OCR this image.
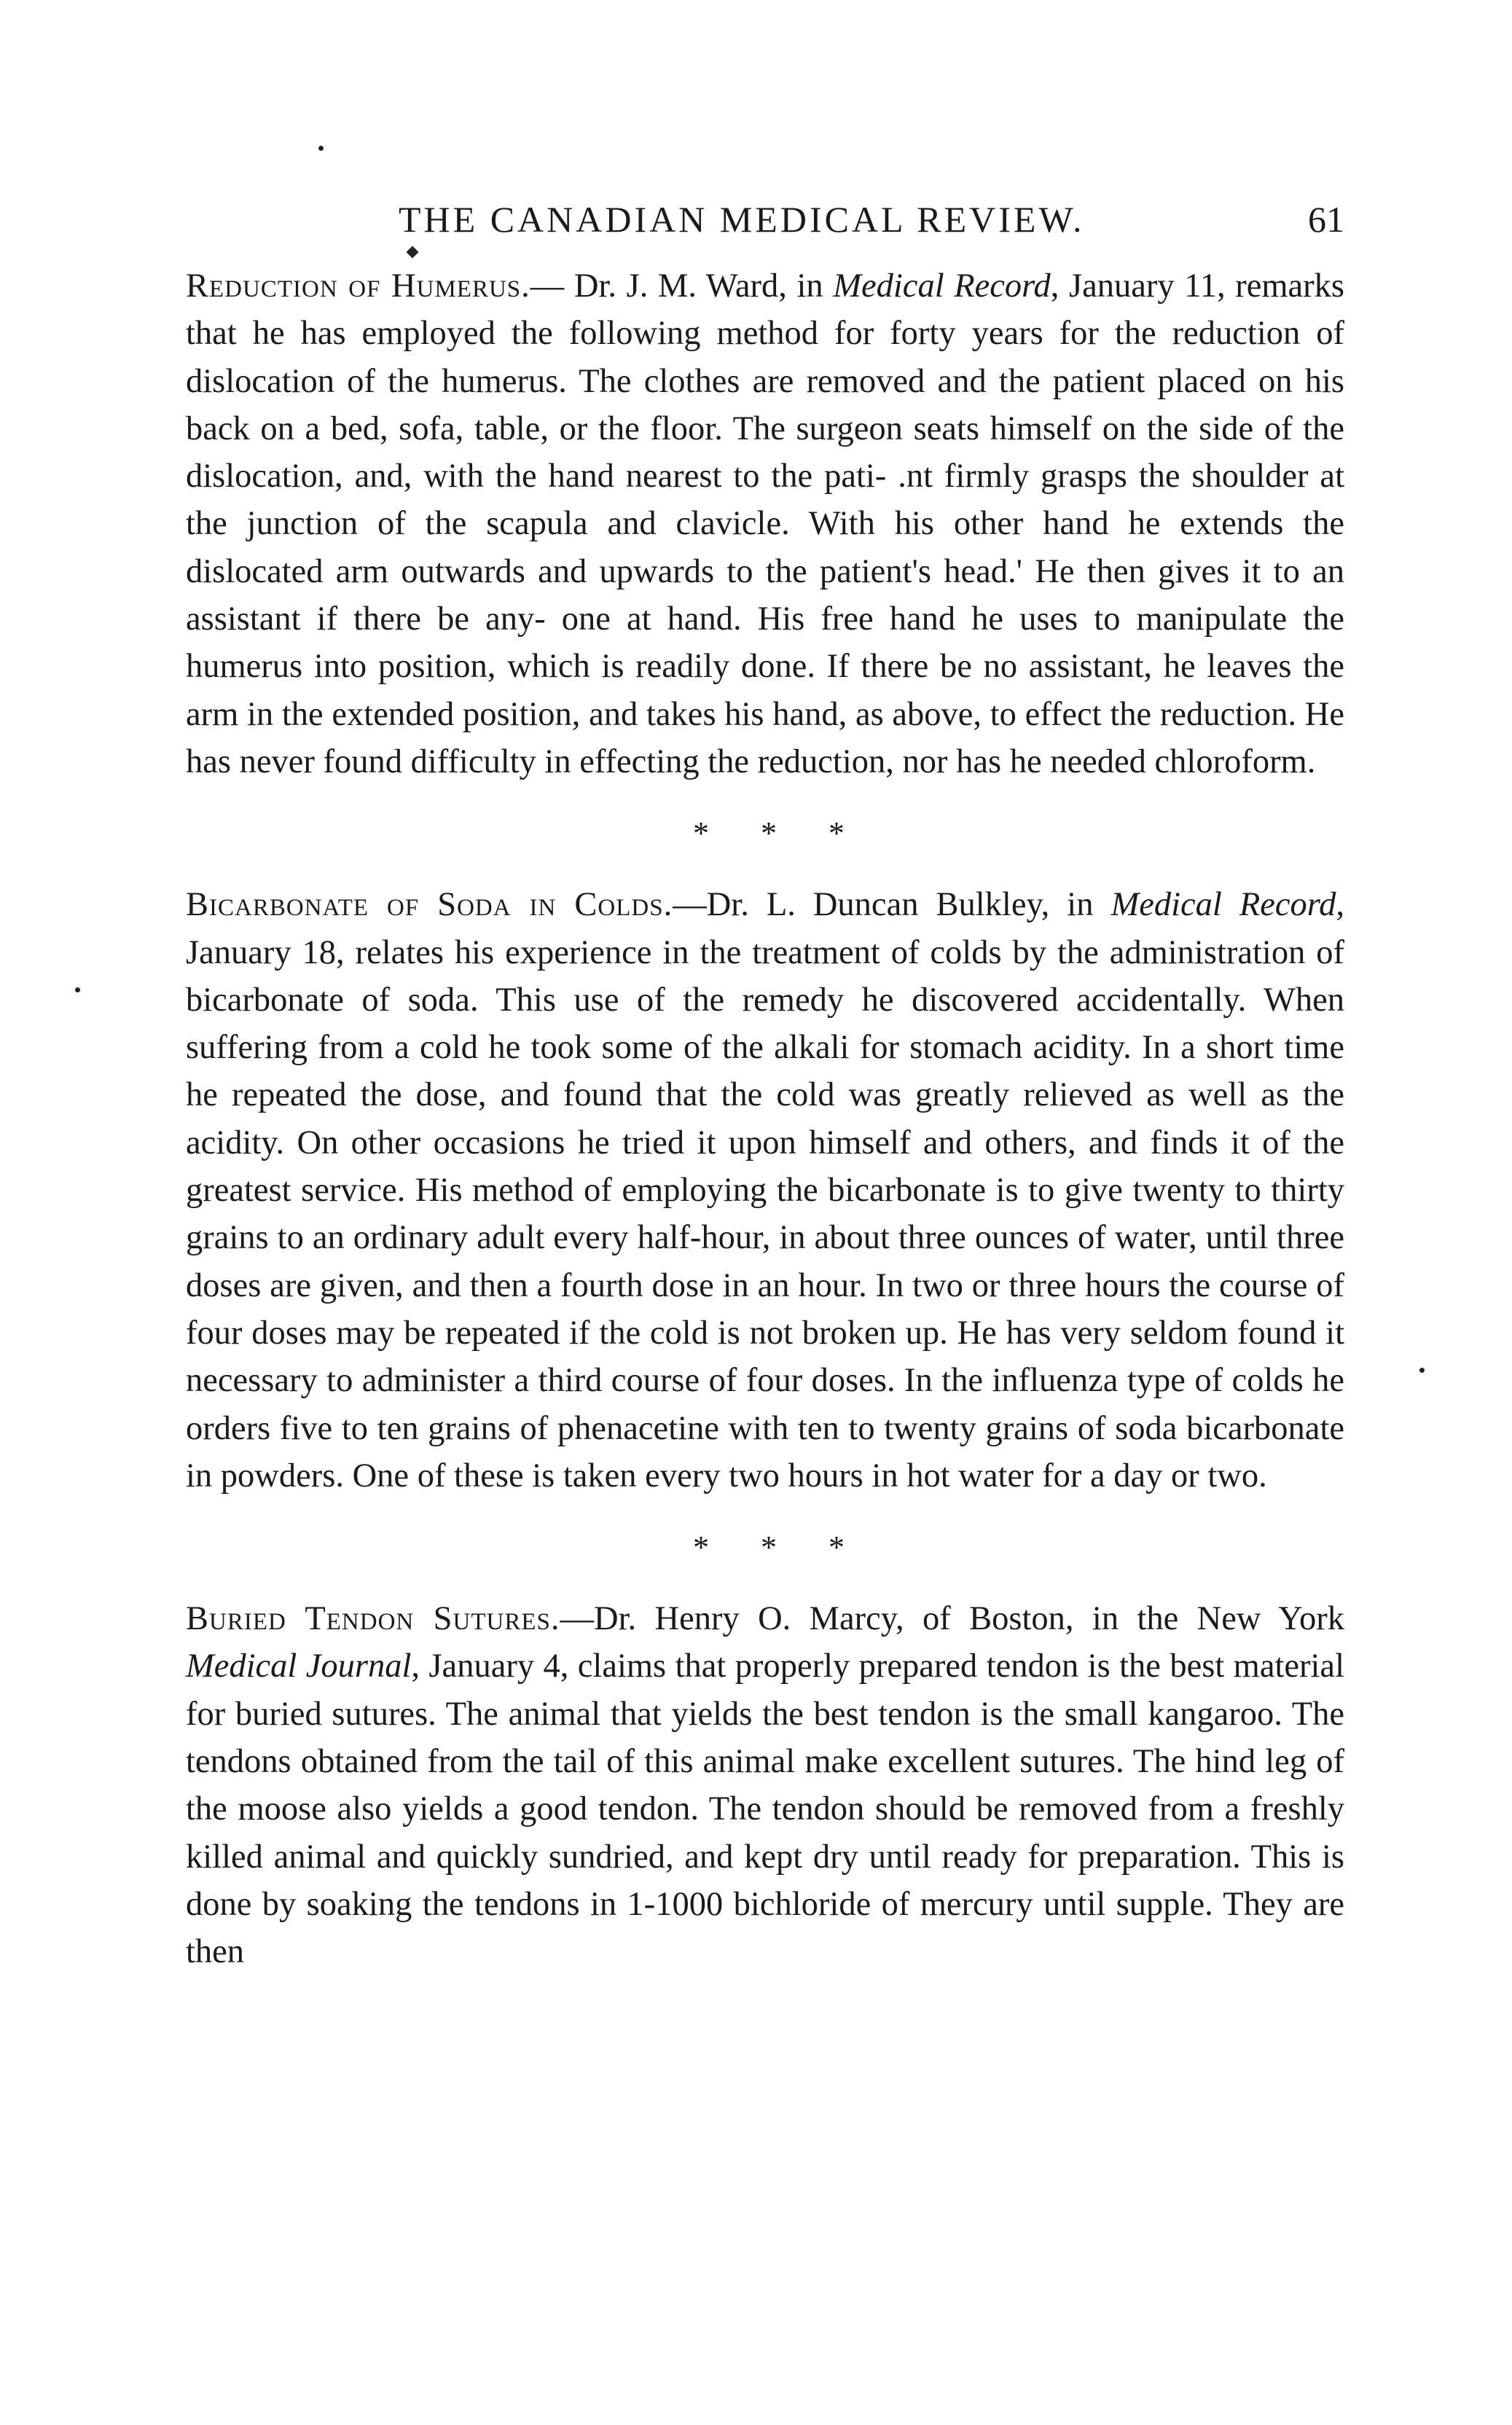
THE CANADIAN MEDICAL REVIEW.	61

Reduction of Humerus.— Dr. J. M. Ward, in Medical Record, January 11, remarks that he has employed the following method for forty years for the reduction of dislocation of the humerus. The clothes are removed and the patient placed on his back on a bed, sofa, table, or the floor. The surgeon seats himself on the side of the dislocation, and, with the hand nearest to the pati- .nt firmly grasps the shoulder at the junction of the scapula and clavicle. With his other hand he extends the dislocated arm outwards and upwards to the patient's head.' He then gives it to an assistant if there be any- one at hand. His free hand he uses to manipulate the humerus into position, which is readily done. If there be no assistant, he leaves the arm in the extended position, and takes his hand, as above, to effect the reduction. He has never found difficulty in effecting the reduction, nor has he needed chloroform.

* * *

Bicarbonate of Soda in Colds.—Dr. L. Duncan Bulkley, in Medical Record, January 18, relates his experience in the treatment of colds by the administration of bicarbonate of soda. This use of the remedy he discovered accidentally. When suffering from a cold he took some of the alkali for stomach acidity. In a short time he repeated the dose, and found that the cold was greatly relieved as well as the acidity. On other occasions he tried it upon himself and others, and finds it of the greatest service. His method of employing the bicarbonate is to give twenty to thirty grains to an ordinary adult every half-hour, in about three ounces of water, until three doses are given, and then a fourth dose in an hour. In two or three hours the course of four doses may be repeated if the cold is not broken up. He has very seldom found it necessary to administer a third course of four doses. In the influenza type of colds he orders five to ten grains of phenacetine with ten to twenty grains of soda bicarbonate in powders. One of these is taken every two hours in hot water for a day or two.

* * *

Buried Tendon Sutures.—Dr. Henry O. Marcy, of Boston, in the New York Medical Journal, January 4, claims that properly prepared tendon is the best material for buried sutures. The animal that yields the best tendon is the small kangaroo. The tendons obtained from the tail of this animal make excellent sutures. The hind leg of the moose also yields a good tendon. The tendon should be removed from a freshly killed animal and quickly sundried, and kept dry until ready for preparation. This is done by soaking the tendons in 1-1000 bichloride of mercury until supple. They are then
